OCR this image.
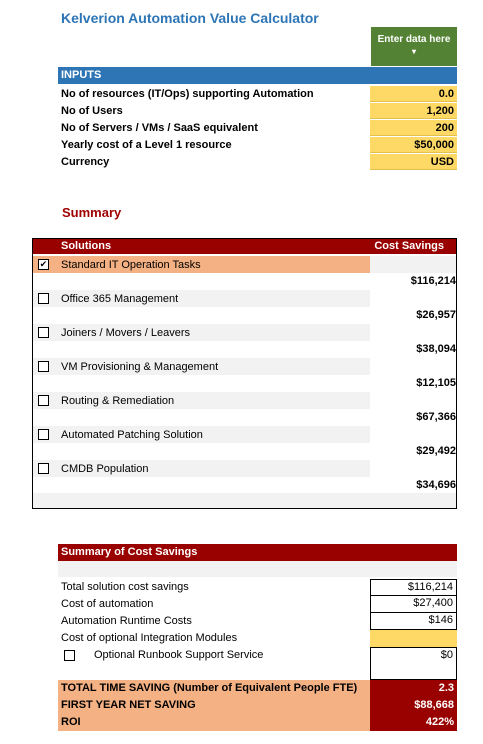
Kelverion Automation Value Calculator
Enter data here
▾
INPUTS
No of resources (IT/Ops) supporting Automation	0.0
No of Users	1,200
No of Servers / VMs / SaaS equivalent	200
Yearly cost of a Level 1 resource	$50,000
Currency	USD
Summary
Solutions	Cost Savings
✔ Standard IT Operation Tasks
$116,214
Office 365 Management
$26,957
Joiners / Movers / Leavers
$38,094
VM Provisioning & Management
$12,105
Routing & Remediation
$67,366
Automated Patching Solution
$29,492
CMDB Population
$34,696
Summary of Cost Savings
Total solution cost savings	$116,214
Cost of automation	$27,400
Automation Runtime Costs	$146
Cost of optional Integration Modules
Optional Runbook Support Service	$0
TOTAL TIME SAVING (Number of Equivalent People FTE)	2.3
FIRST YEAR NET SAVING	$88,668
ROI	422%
